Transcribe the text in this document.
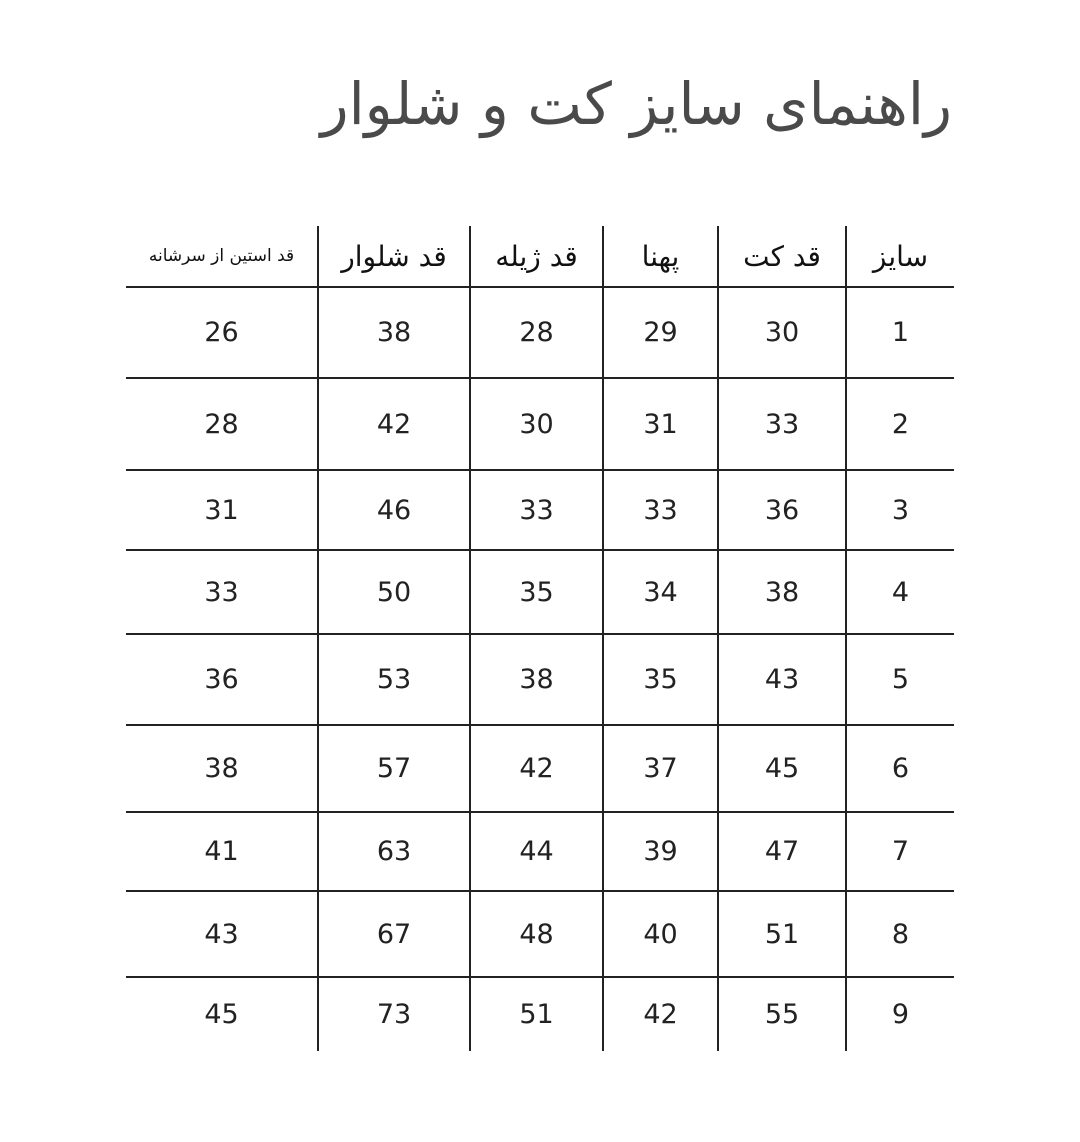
راهنمای سایز کت و شلوار
سایز	قد کت	پهنا	قد ژیله	قد شلوار	قد استین از سرشانه
1	30	29	28	38	26
2	33	31	30	42	28
3	36	33	33	46	31
4	38	34	35	50	33
5	43	35	38	53	36
6	45	37	42	57	38
7	47	39	44	63	41
8	51	40	48	67	43
9	55	42	51	73	45
